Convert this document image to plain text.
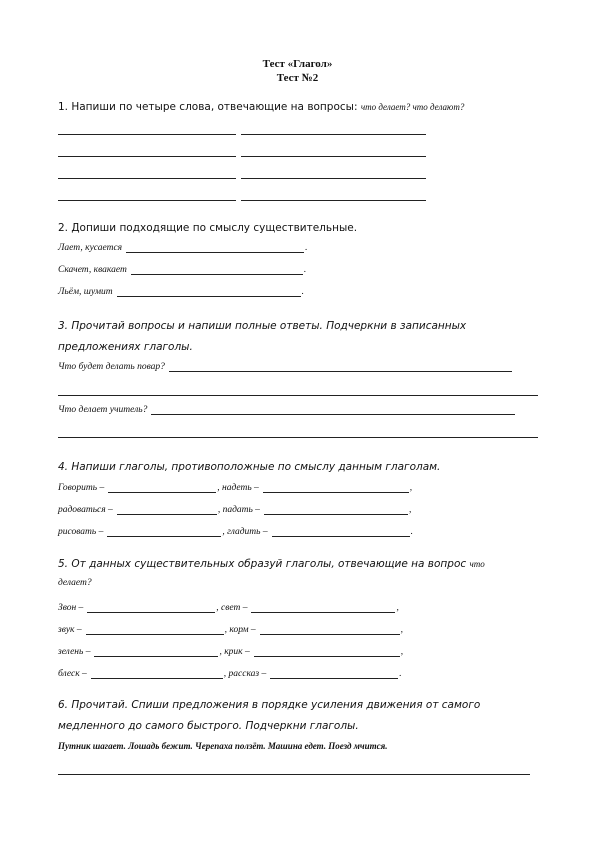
Тест «Глагол»
Тест №2
1. Напиши по четыре слова, отвечающие на вопросы: что делает? что делают?
2. Допиши подходящие по смыслу существительные.
Лает, кусается	.
Скачет, квакает	.
Льём, шумит	.
3. Прочитай вопросы и напиши полные ответы. Подчеркни в записанных
предложениях глаголы.
Что будет делать повар?
Что делает учитель?
4. Напиши глаголы, противоположные по смыслу данным глаголам.
Говорить –	, надеть –	,
радоваться –	, падать –	,
рисовать –	, гладить –	.
5. От данных существительных образуй глаголы, отвечающие на вопрос что
делает?
Звон –	, свет –	,
звук –	, корм –	,
зелень –	, крик –	,
блеск –	, рассказ –	.
6. Прочитай. Спиши предложения в порядке усиления движения от самого
медленного до самого быстрого. Подчеркни глаголы.
Путник шагает. Лошадь бежит. Черепаха ползёт. Машина едет. Поезд мчится.
